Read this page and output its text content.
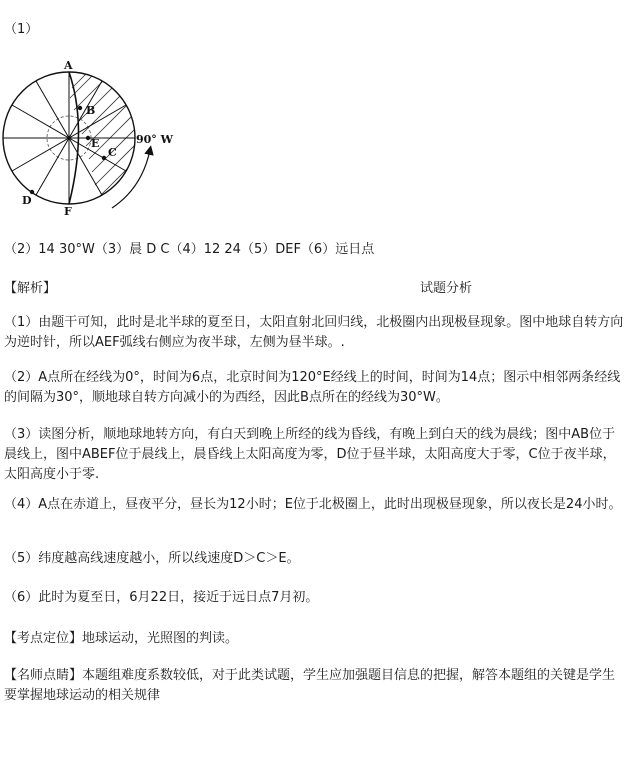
（1）
A
B
E
C
D
F
90° W
（2）14 30°W（3）晨 D C（4）12 24（5）DEF（6）远日点
【解析】	试题分析
（1）由题干可知，此时是北半球的夏至日，太阳直射北回归线，北极圈内出现极昼现象。图中地球自转方向为逆时针，所以AEF弧线右侧应为夜半球，左侧为昼半球。.
（2）A点所在经线为0°，时间为6点，北京时间为120°E经线上的时间，时间为14点；图示中相邻两条经线的间隔为30°，顺地球自转方向减小的为西经，因此B点所在的经线为30°W。
（3）读图分析，顺地球地转方向，有白天到晚上所经的线为昏线，有晚上到白天的线为晨线；图中AB位于晨线上，图中ABEF位于晨线上，晨昏线上太阳高度为零，D位于昼半球，太阳高度大于零，C位于夜半球，太阳高度小于零.
（4）A点在赤道上，昼夜平分，昼长为12小时；E位于北极圈上，此时出现极昼现象，所以夜长是24小时。
（5）纬度越高线速度越小，所以线速度D＞C＞E。
（6）此时为夏至日，6月22日，接近于远日点7月初。
【考点定位】地球运动，光照图的判读。
【名师点睛】本题组难度系数较低，对于此类试题，学生应加强题目信息的把握，解答本题组的关键是学生要掌握地球运动的相关规律
